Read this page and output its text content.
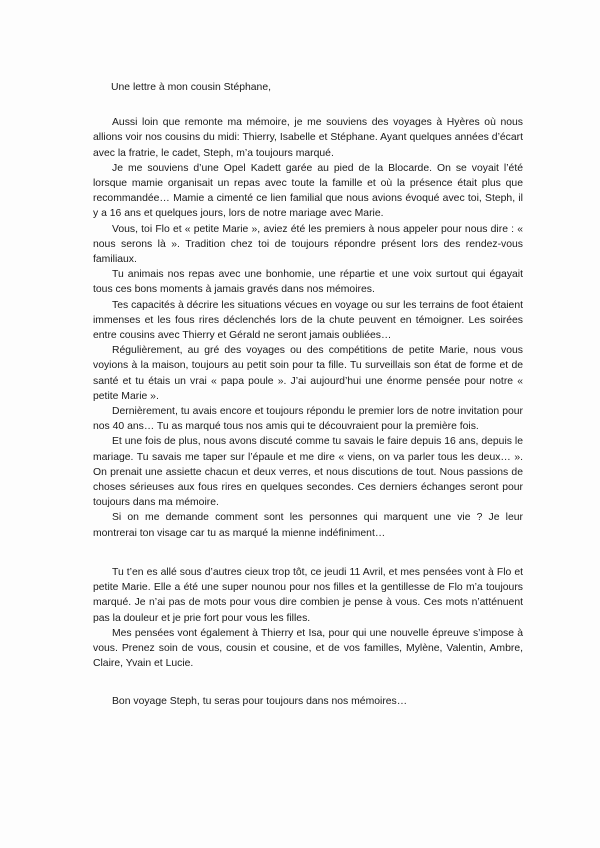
Une lettre à mon cousin Stéphane,

Aussi loin que remonte ma mémoire, je me souviens des voyages à Hyères où nous allions voir nos cousins du midi: Thierry, Isabelle et Stéphane. Ayant quelques années d’écart avec la fratrie, le cadet, Steph, m’a toujours marqué.

Je me souviens d’une Opel Kadett garée au pied de la Blocarde. On se voyait l’été lorsque mamie organisait un repas avec toute la famille et où la présence était plus que recommandée… Mamie a cimenté ce lien familial que nous avions évoqué avec toi, Steph, il y a 16 ans et quelques jours, lors de notre mariage avec Marie.

Vous, toi Flo et « petite Marie », aviez été les premiers à nous appeler pour nous dire : « nous serons là ». Tradition chez toi de toujours répondre présent lors des rendez-vous familiaux.

Tu animais nos repas avec une bonhomie, une répartie et une voix surtout qui égayait tous ces bons moments à jamais gravés dans nos mémoires.

Tes capacités à décrire les situations vécues en voyage ou sur les terrains de foot étaient immenses et les fous rires déclenchés lors de la chute peuvent en témoigner. Les soirées entre cousins avec Thierry et Gérald ne seront jamais oubliées…

Régulièrement, au gré des voyages ou des compétitions de petite Marie, nous vous voyions à la maison, toujours au petit soin pour ta fille. Tu surveillais son état de forme et de santé et tu étais un vrai « papa poule ». J’ai aujourd’hui une énorme pensée pour notre « petite Marie ».

Dernièrement, tu avais encore et toujours répondu le premier lors de notre invitation pour nos 40 ans… Tu as marqué tous nos amis qui te découvraient pour la première fois.

Et une fois de plus, nous avons discuté comme tu savais le faire depuis 16 ans, depuis le mariage. Tu savais me taper sur l’épaule et me dire « viens, on va parler tous les deux… ». On prenait une assiette chacun et deux verres, et nous discutions de tout. Nous passions de choses sérieuses aux fous rires en quelques secondes. Ces derniers échanges seront pour toujours dans ma mémoire.

Si on me demande comment sont les personnes qui marquent une vie ? Je leur montrerai ton visage car tu as marqué la mienne indéfiniment…

Tu t’en es allé sous d’autres cieux trop tôt, ce jeudi 11 Avril, et mes pensées vont à Flo et petite Marie. Elle a été une super nounou pour nos filles et la gentillesse de Flo m’a toujours marqué. Je n’ai pas de mots pour vous dire combien je pense à vous. Ces mots n’atténuent pas la douleur et je prie fort pour vous les filles.

Mes pensées vont également à Thierry et Isa, pour qui une nouvelle épreuve s’impose à vous. Prenez soin de vous, cousin et cousine, et de vos familles, Mylène, Valentin, Ambre, Claire, Yvain et Lucie.

Bon voyage Steph, tu seras pour toujours dans nos mémoires…
